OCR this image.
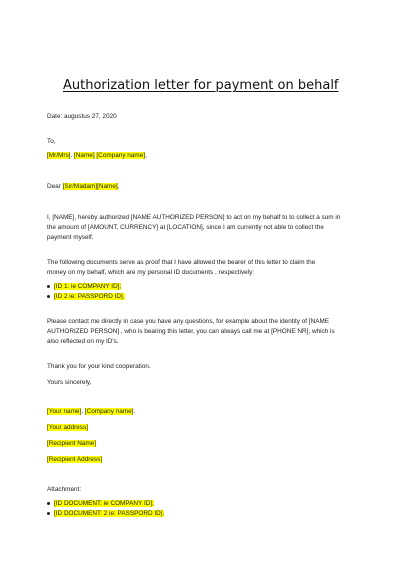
Authorization letter for payment on behalf
Date: augustus 27, 2020
To,
[Mr/Mrs]. [Name] [Company name],
Dear [Sir/Madam][Name],
I, [NAME], hereby authorized [NAME AUTHORIZED PERSON] to act on my behalf to to collect a sum in
the amount of [AMOUNT, CURRENCY] at [LOCATION], since I am currently not able to collect the
payment myself.
The following documents serve as proof that I have allowed the bearer of this letter to claim the
money on my behalf, which are my personal ID documents , respectively:
[ID 1: ie COMPANY ID];
[ID 2 ie: PASSPORD ID].
Please contact me directly in case you have any questions, for example about the identity of [NAME
AUTHORIZED PERSON] , who is bearing this letter, you can always call me at [PHONE NR], which is
also reflected on my ID's.
Thank you for your kind cooperation.
Yours sincerely,
[Your name], [Company name].
[Your address]
[Recipient Name]
[Recipient Address]
Attachment:
[ID DOCUMENT: ie COMPANY ID];
[ID DOCUMENT: 2 ie: PASSPORD ID].
